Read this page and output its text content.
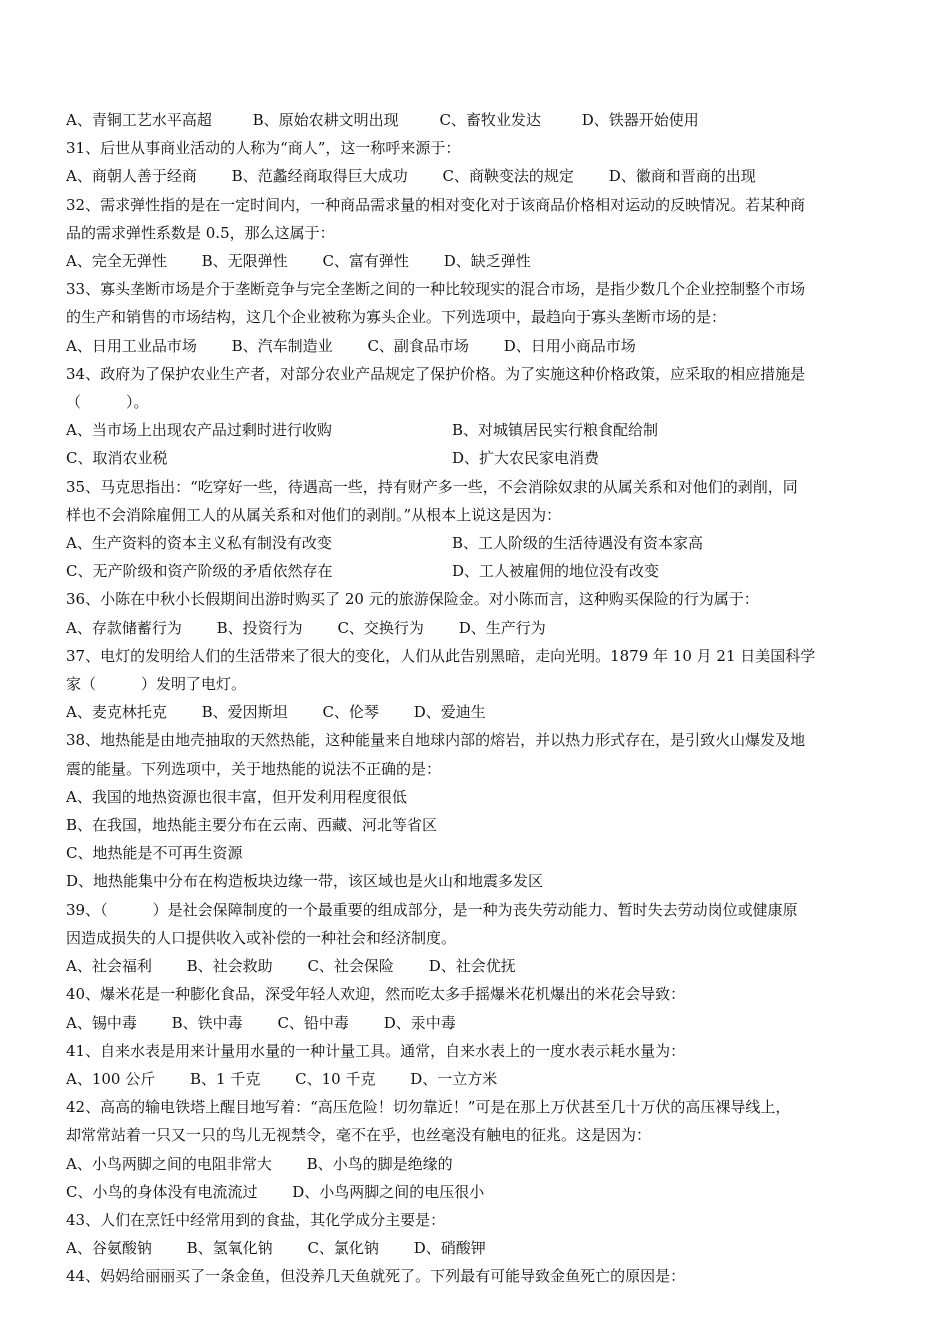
A、青铜工艺水平高超	B、原始农耕文明出现	C、畜牧业发达	D、铁器开始使用
31、后世从事商业活动的人称为“商人”，这一称呼来源于：
A、商朝人善于经商 B、范蠡经商取得巨大成功 C、商鞅变法的规定 D、徽商和晋商的出现
32、需求弹性指的是在一定时间内，一种商品需求量的相对变化对于该商品价格相对运动的反映情况。若某种商
品的需求弹性系数是 0.5，那么这属于：
A、完全无弹性 B、无限弹性 C、富有弹性 D、缺乏弹性
33、寡头垄断市场是介于垄断竞争与完全垄断之间的一种比较现实的混合市场，是指少数几个企业控制整个市场
的生产和销售的市场结构，这几个企业被称为寡头企业。下列选项中，最趋向于寡头垄断市场的是：
A、日用工业品市场 B、汽车制造业 C、副食品市场 D、日用小商品市场
34、政府为了保护农业生产者，对部分农业产品规定了保护价格。为了实施这种价格政策，应采取的相应措施是
（　　　）。
A、当市场上出现农产品过剩时进行收购	B、对城镇居民实行粮食配给制
C、取消农业税	D、扩大农民家电消费
35、马克思指出：“吃穿好一些，待遇高一些，持有财产多一些，不会消除奴隶的从属关系和对他们的剥削，同
样也不会消除雇佣工人的从属关系和对他们的剥削。”从根本上说这是因为：
A、生产资料的资本主义私有制没有改变	B、工人阶级的生活待遇没有资本家高
C、无产阶级和资产阶级的矛盾依然存在	D、工人被雇佣的地位没有改变
36、小陈在中秋小长假期间出游时购买了 20 元的旅游保险金。对小陈而言，这种购买保险的行为属于：
A、存款储蓄行为 B、投资行为 C、交换行为 D、生产行为
37、电灯的发明给人们的生活带来了很大的变化，人们从此告别黑暗，走向光明。1879 年 10 月 21 日美国科学
家（　　　）发明了电灯。
A、麦克林托克 B、爱因斯坦 C、伦琴 D、爱迪生
38、地热能是由地壳抽取的天然热能，这种能量来自地球内部的熔岩，并以热力形式存在，是引致火山爆发及地
震的能量。下列选项中，关于地热能的说法不正确的是：
A、我国的地热资源也很丰富，但开发利用程度很低
B、在我国，地热能主要分布在云南、西藏、河北等省区
C、地热能是不可再生资源
D、地热能集中分布在构造板块边缘一带，该区域也是火山和地震多发区
39、（　　　）是社会保障制度的一个最重要的组成部分，是一种为丧失劳动能力、暂时失去劳动岗位或健康原
因造成损失的人口提供收入或补偿的一种社会和经济制度。
A、社会福利 B、社会救助 C、社会保险 D、社会优抚
40、爆米花是一种膨化食品，深受年轻人欢迎，然而吃太多手摇爆米花机爆出的米花会导致：
A、锡中毒 B、铁中毒 C、铅中毒 D、汞中毒
41、自来水表是用来计量用水量的一种计量工具。通常，自来水表上的一度水表示耗水量为：
A、100 公斤 B、1 千克 C、10 千克 D、一立方米
42、高高的输电铁塔上醒目地写着：“高压危险！切勿靠近！”可是在那上万伏甚至几十万伏的高压裸导线上，
却常常站着一只又一只的鸟儿无视禁令，毫不在乎，也丝毫没有触电的征兆。这是因为：
A、小鸟两脚之间的电阻非常大 B、小鸟的脚是绝缘的
C、小鸟的身体没有电流流过 D、小鸟两脚之间的电压很小
43、人们在烹饪中经常用到的食盐，其化学成分主要是：
A、谷氨酸钠 B、氢氧化钠 C、氯化钠 D、硝酸钾
44、妈妈给丽丽买了一条金鱼，但没养几天鱼就死了。下列最有可能导致金鱼死亡的原因是：
